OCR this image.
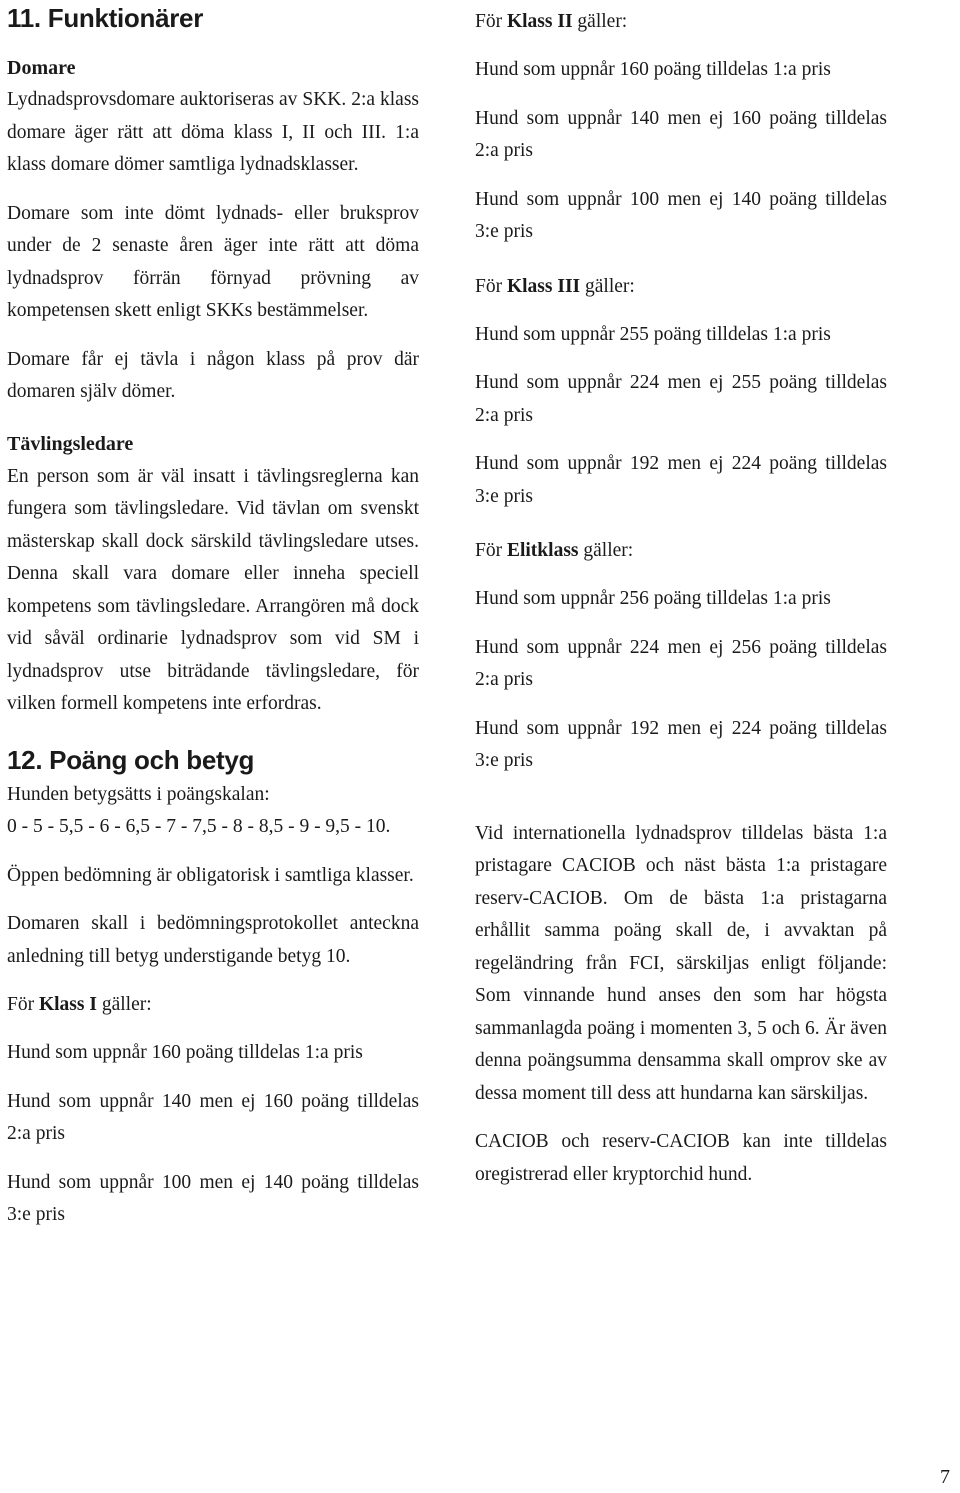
11. Funktionärer
Domare

Lydnadsprovsdomare auktoriseras av SKK. 2:a klass domare äger rätt att döma klass I, II och III. 1:a klass domare dömer samtliga lydnadsklasser.

Domare som inte dömt lydnads- eller bruksprov under de 2 senaste åren äger inte rätt att döma lydnadsprov förrän förnyad prövning av kompetensen skett enligt SKKs bestämmelser.

Domare får ej tävla i någon klass på prov där domaren själv dömer.

Tävlingsledare

En person som är väl insatt i tävlingsreglerna kan fungera som tävlingsledare. Vid tävlan om svenskt mästerskap skall dock särskild tävlingsledare utses. Denna skall vara domare eller inneha speciell kompetens som tävlingsledare. Arrangören må dock vid såväl ordinarie lydnadsprov som vid SM i lydnadsprov utse biträdande tävlingsledare, för vilken formell kompetens inte erfordras.

12. Poäng och betyg

Hunden betygsätts i poängskalan:

0 - 5 - 5,5 - 6 - 6,5 - 7 - 7,5 - 8 - 8,5 - 9 - 9,5 - 10.

Öppen bedömning är obligatorisk i samtliga klasser.

Domaren skall i bedömningsprotokollet anteckna anledning till betyg understigande betyg 10.

För Klass I gäller:

Hund som uppnår 160 poäng tilldelas 1:a pris

Hund som uppnår 140 men ej 160 poäng tilldelas 2:a pris

Hund som uppnår 100 men ej 140 poäng tilldelas 3:e pris

För Klass II gäller:

Hund som uppnår 160 poäng tilldelas 1:a pris

Hund som uppnår 140 men ej 160 poäng tilldelas 2:a pris

Hund som uppnår 100 men ej 140 poäng tilldelas 3:e pris

För Klass III gäller:

Hund som uppnår 255 poäng tilldelas 1:a pris

Hund som uppnår 224 men ej 255 poäng tilldelas 2:a pris

Hund som uppnår 192 men ej 224 poäng tilldelas 3:e pris

För Elitklass gäller:

Hund som uppnår 256 poäng tilldelas 1:a pris

Hund som uppnår 224 men ej 256 poäng tilldelas 2:a pris

Hund som uppnår 192 men ej 224 poäng tilldelas 3:e pris

Vid internationella lydnadsprov tilldelas bästa 1:a pristagare CACIOB och näst bästa 1:a pristagare reserv-CACIOB. Om de bästa 1:a pristagarna erhållit samma poäng skall de, i avvaktan på regeländring från FCI, särskiljas enligt följande: Som vinnande hund anses den som har högsta sammanlagda poäng i momenten 3, 5 och 6. Är även denna poängsumma densamma skall omprov ske av dessa moment till dess att hundarna kan särskiljas.

CACIOB och reserv-CACIOB kan inte tilldelas oregistrerad eller kryptorchid hund.

7
